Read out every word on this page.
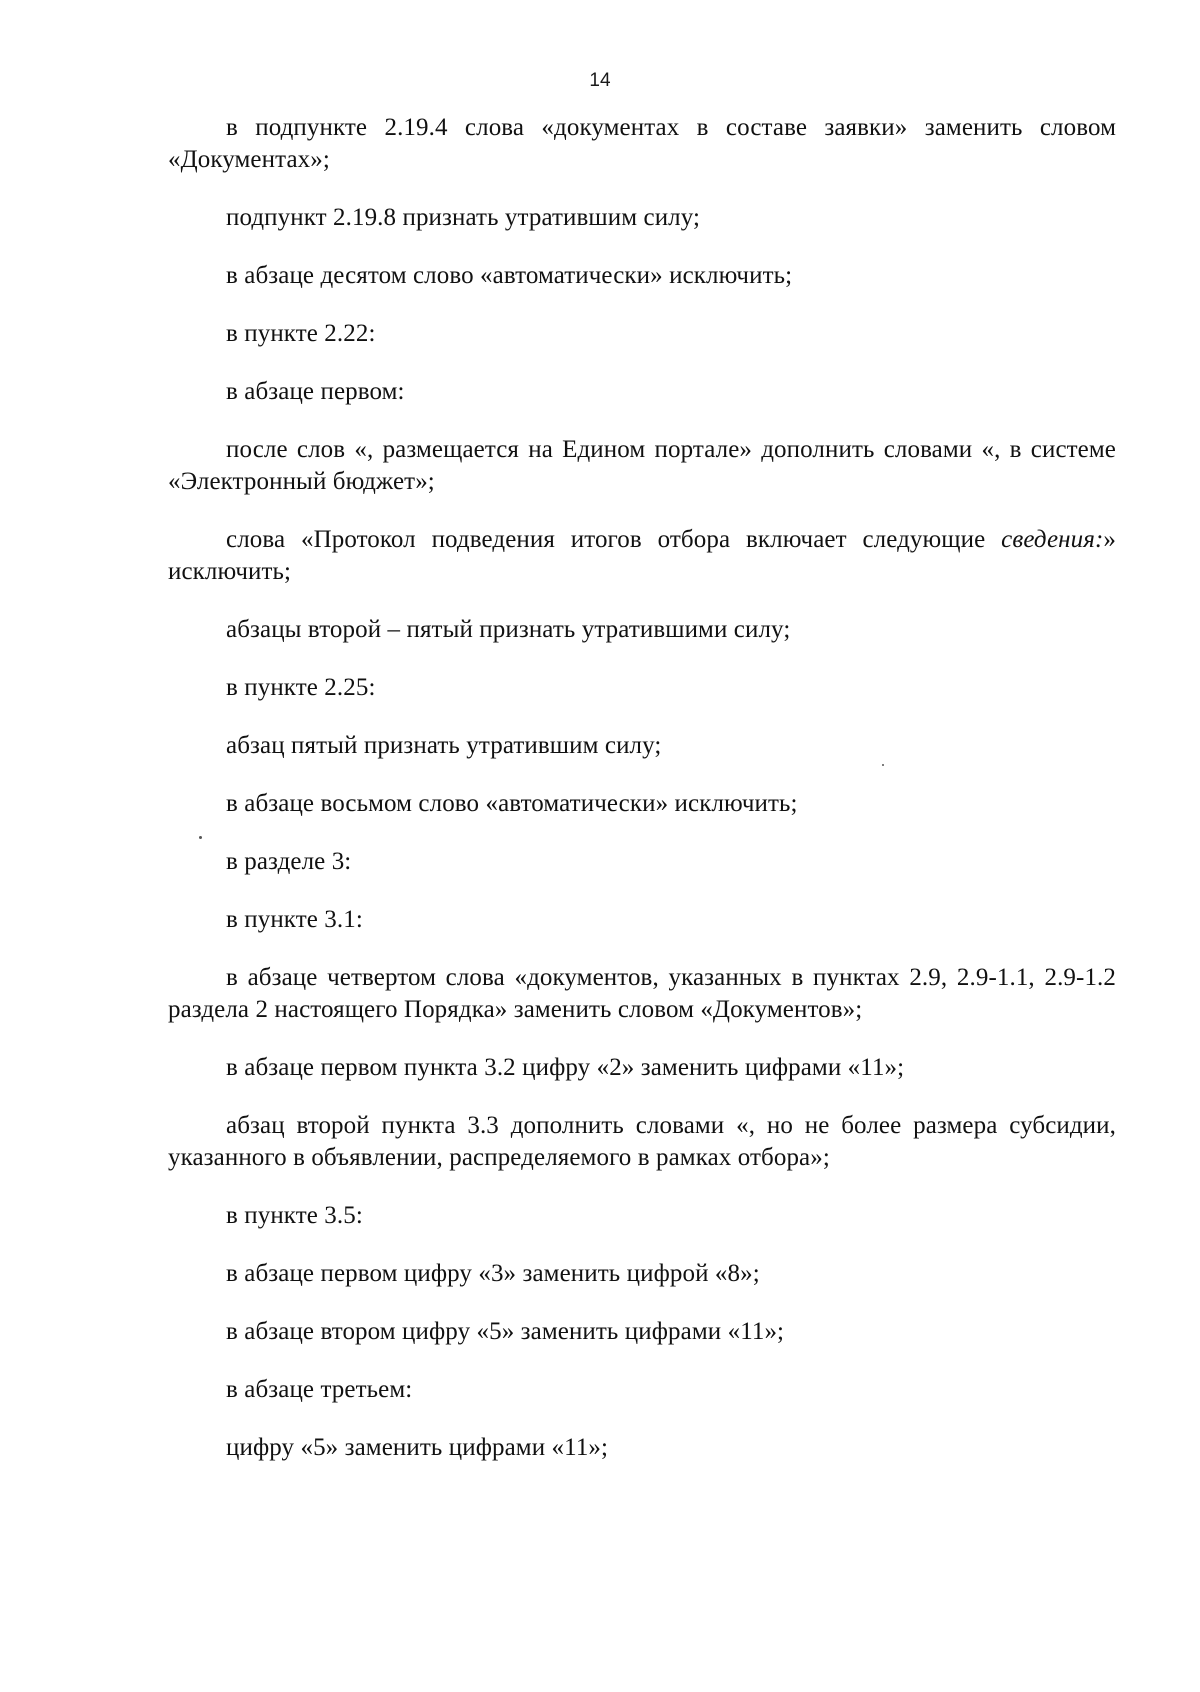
14

в подпункте 2.19.4 слова «документах в составе заявки» заменить словом «Документах»;

подпункт 2.19.8 признать утратившим силу;

в абзаце десятом слово «автоматически» исключить;

в пункте 2.22:

в абзаце первом:

после слов «, размещается на Едином портале» дополнить словами «, в системе «Электронный бюджет»;

слова «Протокол подведения итогов отбора включает следующие сведения:» исключить;

абзацы второй – пятый признать утратившими силу;

в пункте 2.25:

абзац пятый признать утратившим силу;

в абзаце восьмом слово «автоматически» исключить;

в разделе 3:

в пункте 3.1:

в абзаце четвертом слова «документов, указанных в пунктах 2.9, 2.9-1.1, 2.9-1.2 раздела 2 настоящего Порядка» заменить словом «Документов»;

в абзаце первом пункта 3.2 цифру «2» заменить цифрами «11»;

абзац второй пункта 3.3 дополнить словами «, но не более размера субсидии, указанного в объявлении, распределяемого в рамках отбора»;

в пункте 3.5:

в абзаце первом цифру «3» заменить цифрой «8»;

в абзаце втором цифру «5» заменить цифрами «11»;

в абзаце третьем:

цифру «5» заменить цифрами «11»;
